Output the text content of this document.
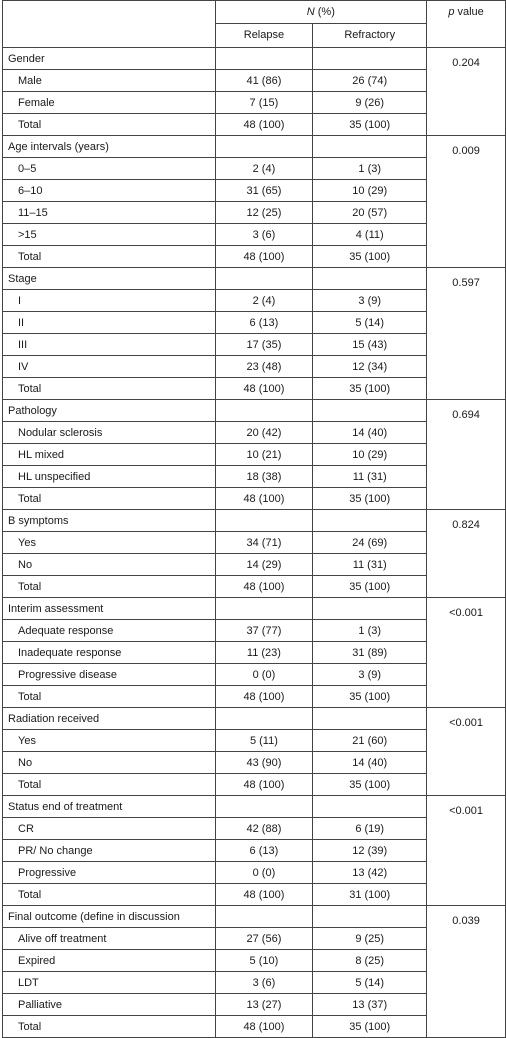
	N (%)		p value
	Relapse	Refractory	
Gender			0.204
Male	41 (86)	26 (74)	
Female	7 (15)	9 (26)	
Total	48 (100)	35 (100)	
Age intervals (years)			0.009
0–5	2 (4)	1 (3)	
6–10	31 (65)	10 (29)	
11–15	12 (25)	20 (57)	
>15	3 (6)	4 (11)	
Total	48 (100)	35 (100)	
Stage			0.597
I	2 (4)	3 (9)	
II	6 (13)	5 (14)	
III	17 (35)	15 (43)	
IV	23 (48)	12 (34)	
Total	48 (100)	35 (100)	
Pathology			0.694
Nodular sclerosis	20 (42)	14 (40)	
HL mixed	10 (21)	10 (29)	
HL unspecified	18 (38)	11 (31)	
Total	48 (100)	35 (100)	
B symptoms			0.824
Yes	34 (71)	24 (69)	
No	14 (29)	11 (31)	
Total	48 (100)	35 (100)	
Interim assessment			<0.001
Adequate response	37 (77)	1 (3)	
Inadequate response	11 (23)	31 (89)	
Progressive disease	0 (0)	3 (9)	
Total	48 (100)	35 (100)	
Radiation received			<0.001
Yes	5 (11)	21 (60)	
No	43 (90)	14 (40)	
Total	48 (100)	35 (100)	
Status end of treatment			<0.001
CR	42 (88)	6 (19)	
PR/ No change	6 (13)	12 (39)	
Progressive	0 (0)	13 (42)	
Total	48 (100)	31 (100)	
Final outcome (define in discussion			0.039
Alive off treatment	27 (56)	9 (25)	
Expired	5 (10)	8 (25)	
LDT	3 (6)	5 (14)	
Palliative	13 (27)	13 (37)	
Total	48 (100)	35 (100)	
